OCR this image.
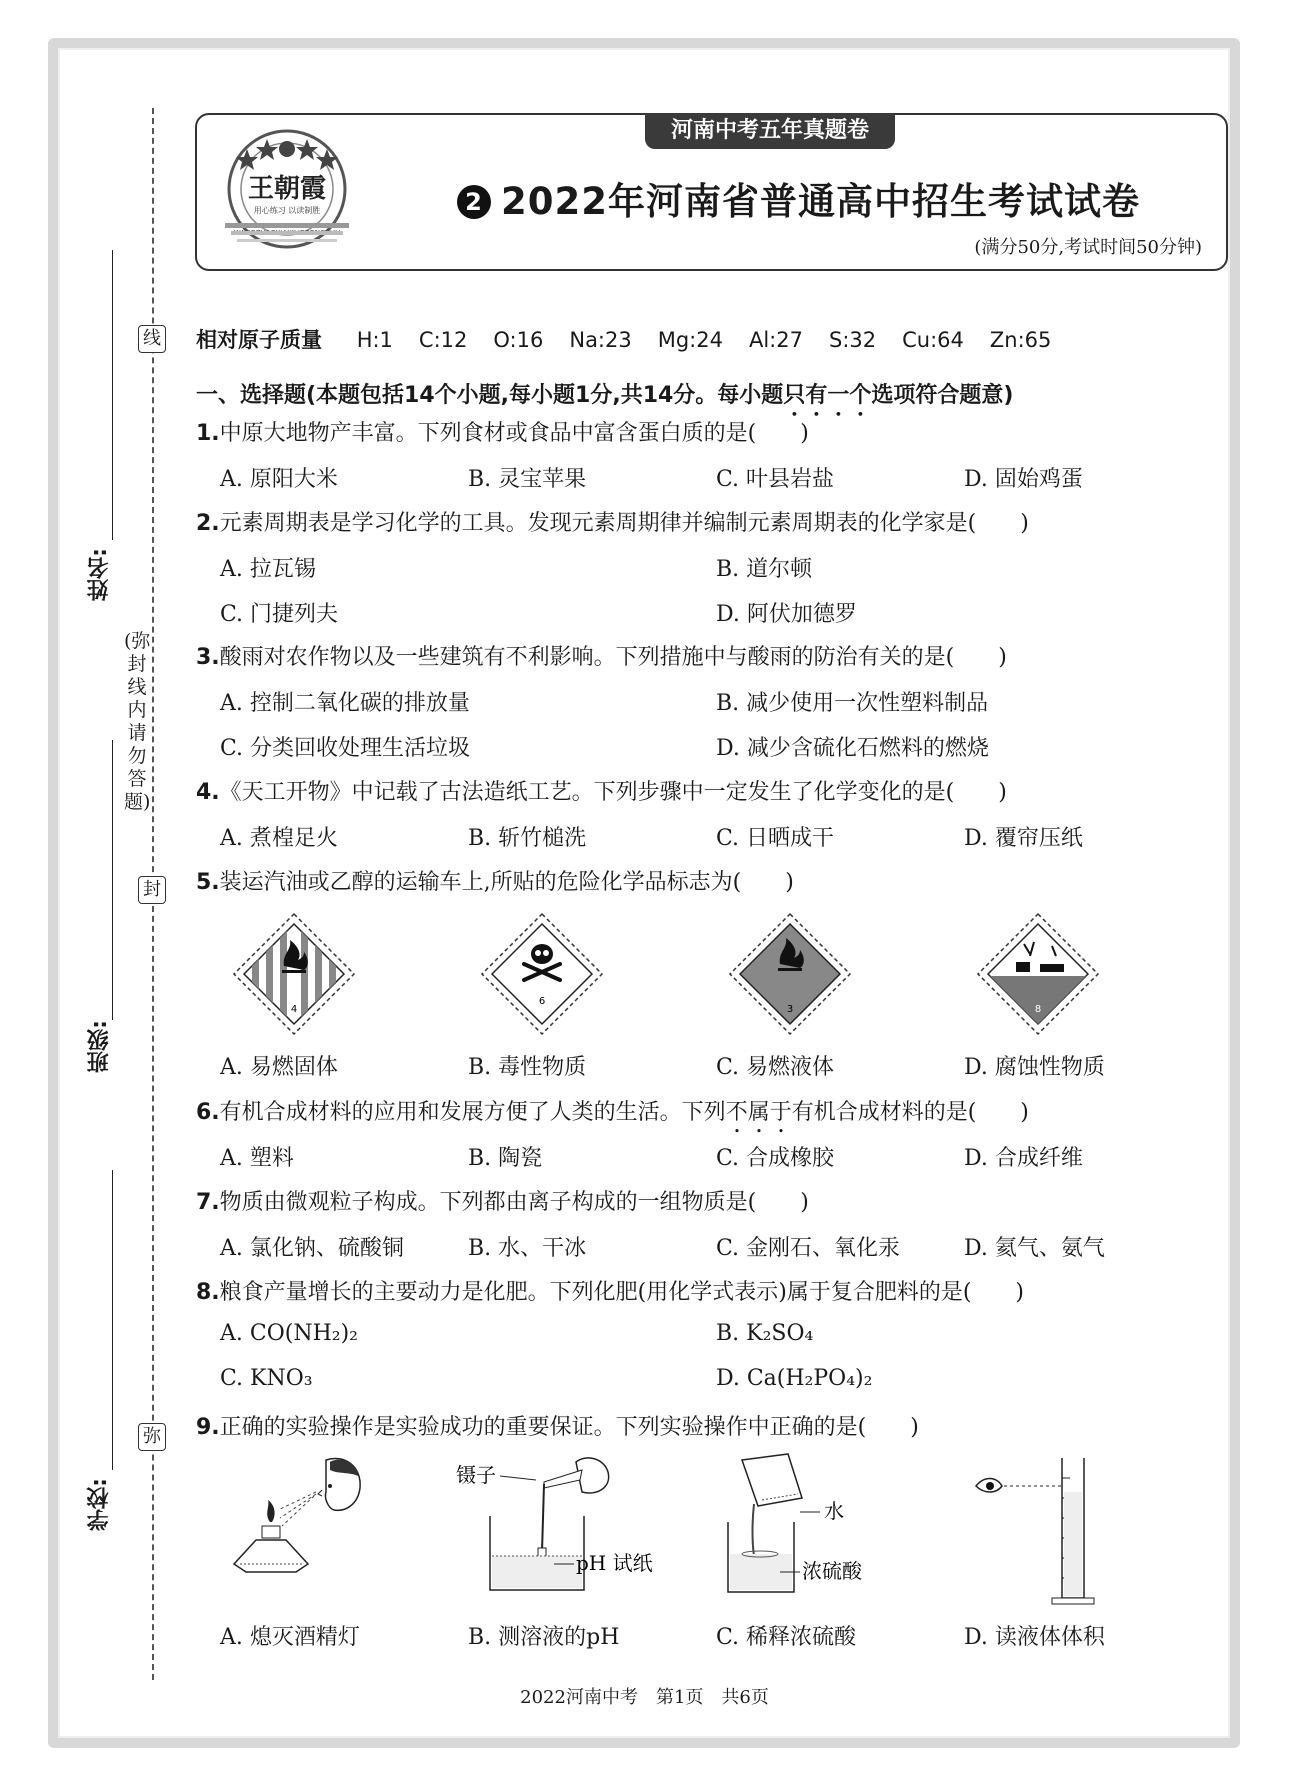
线
(弥封线内请勿答题)
封
弥
姓名:
班级:
学校:
河南中考五年真题卷
王朝霞
用心练习 以读制胜	2 2022年河南省普通高中招生考试试卷
(满分50分,考试时间50分钟)
相对原子质量 H:1 C:12 O:16 Na:23 Mg:24 Al:27 S:32 Cu:64 Zn:65
一、选择题(本题包括14个小题,每小题1分,共14分。每小题只有一个选项符合题意)
1.中原大地物产丰富。下列食材或食品中富含蛋白质的是(　　)
A. 原阳大米	B. 灵宝苹果	C. 叶县岩盐	D. 固始鸡蛋
2.元素周期表是学习化学的工具。发现元素周期律并编制元素周期表的化学家是(　　)
A. 拉瓦锡	B. 道尔顿
C. 门捷列夫	D. 阿伏加德罗
3.酸雨对农作物以及一些建筑有不利影响。下列措施中与酸雨的防治有关的是(　　)
A. 控制二氧化碳的排放量	B. 减少使用一次性塑料制品
C. 分类回收处理生活垃圾	D. 减少含硫化石燃料的燃烧
4.《天工开物》中记载了古法造纸工艺。下列步骤中一定发生了化学变化的是(　　)
A. 煮楻足火	B. 斩竹槌洗	C. 日晒成干	D. 覆帘压纸
5.装运汽油或乙醇的运输车上,所贴的危险化学品标志为(　　)
4
6
3	8
A. 易燃固体	B. 毒性物质	C. 易燃液体	D. 腐蚀性物质
6.有机合成材料的应用和发展方便了人类的生活。下列不属于有机合成材料的是(　　)
A. 塑料	B. 陶瓷	C. 合成橡胶	D. 合成纤维
7.物质由微观粒子构成。下列都由离子构成的一组物质是(　　)
A. 氯化钠、硫酸铜	B. 水、干冰	C. 金刚石、氧化汞	D. 氦气、氨气
8.粮食产量增长的主要动力是化肥。下列化肥(用化学式表示)属于复合肥料的是(　　)
A. CO(NH₂)₂	B. K₂SO₄
C. KNO₃	D. Ca(H₂PO₄)₂
9.正确的实验操作是实验成功的重要保证。下列实验操作中正确的是(　　)
镊子
pH 试纸
水
浓硫酸
A. 熄灭酒精灯	B. 测溶液的pH	C. 稀释浓硫酸	D. 读液体体积
2022河南中考　第1页　共6页
